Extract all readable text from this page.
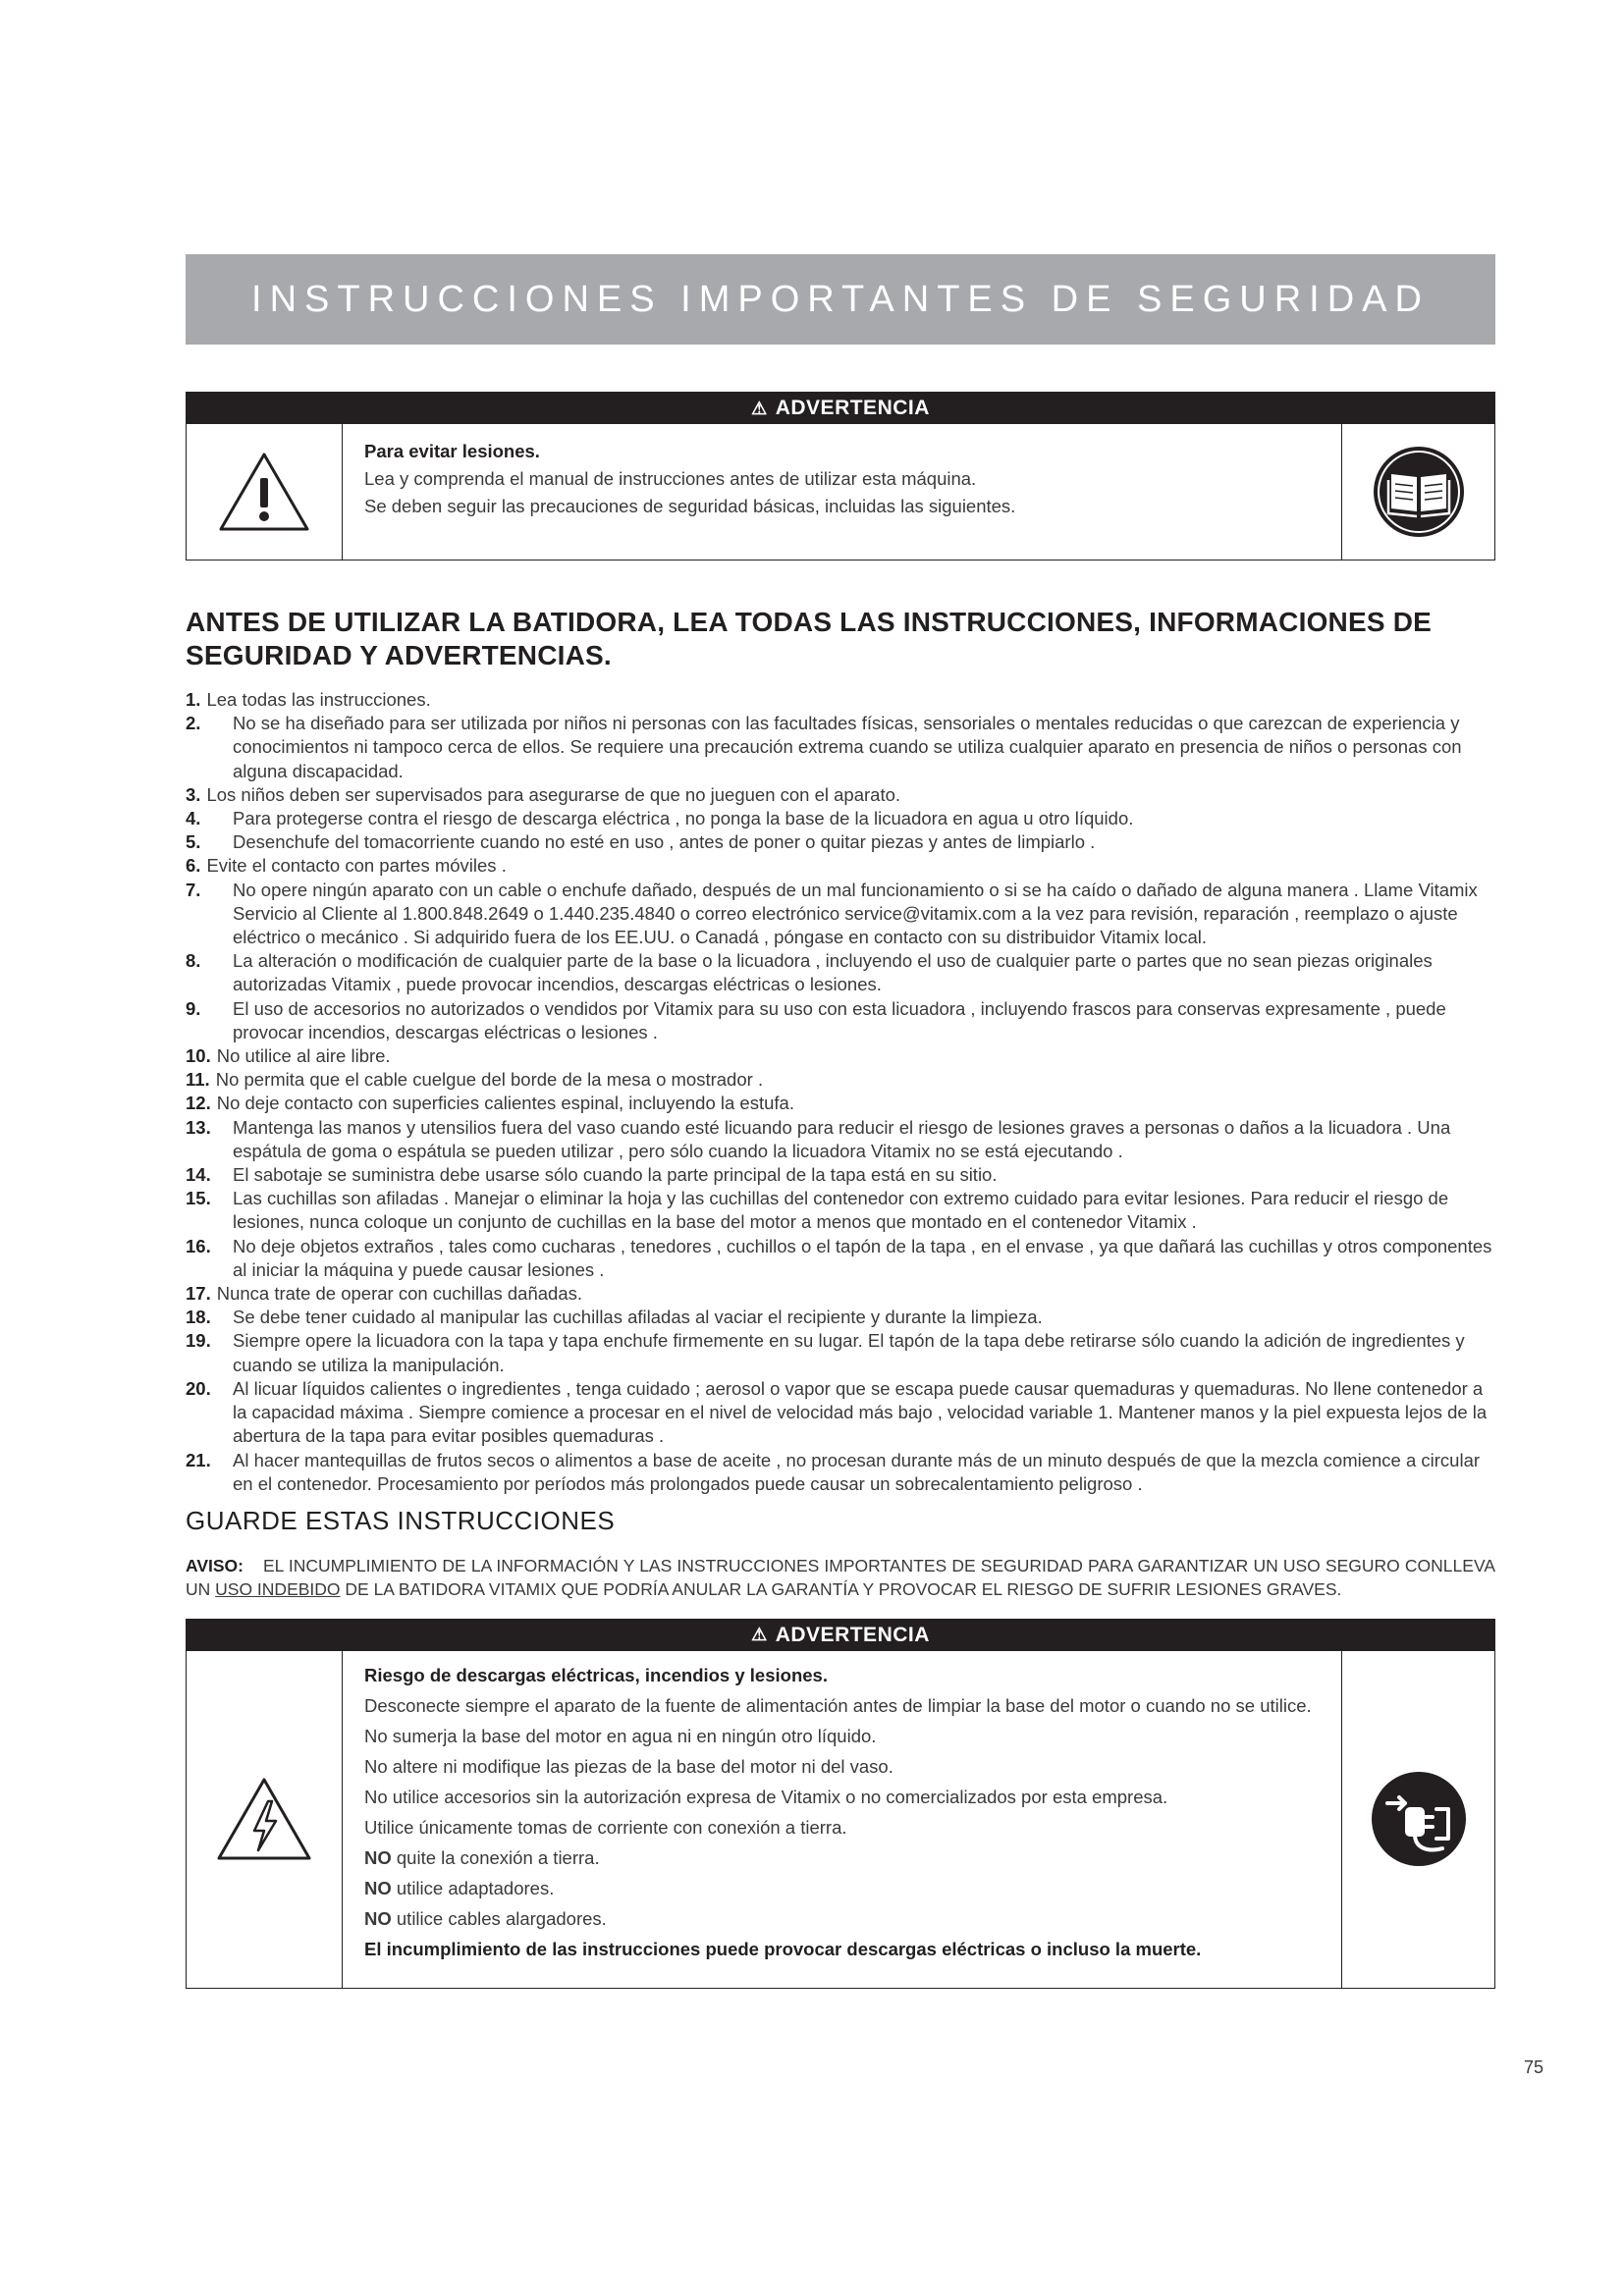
INSTRUCCIONES IMPORTANTES DE SEGURIDAD
⚠ ADVERTENCIA

Para evitar lesiones.

Lea y comprenda el manual de instrucciones antes de utilizar esta máquina.

Se deben seguir las precauciones de seguridad básicas, incluidas las siguientes.

ANTES DE UTILIZAR LA BATIDORA, LEA TODAS LAS INSTRUCCIONES, INFORMACIONES DE SEGURIDAD Y ADVERTENCIAS.
1. Lea todas las instrucciones.
2.	No se ha diseñado para ser utilizada por niños ni personas con las facultades físicas, sensoriales o mentales reducidas o que carezcan de experiencia y conocimientos ni tampoco cerca de ellos. Se requiere una precaución extrema cuando se utiliza cualquier aparato en presencia de niños o personas con alguna discapacidad.
3. Los niños deben ser supervisados para asegurarse de que no jueguen con el aparato.
4.	Para protegerse contra el riesgo de descarga eléctrica , no ponga la base de la licuadora en agua u otro líquido.
5.	Desenchufe del tomacorriente cuando no esté en uso , antes de poner o quitar piezas y antes de limpiarlo .
6. Evite el contacto con partes móviles .
7.	No opere ningún aparato con un cable o enchufe dañado, después de un mal funcionamiento o si se ha caído o dañado de alguna manera . Llame Vitamix Servicio al Cliente al 1.800.848.2649 o 1.440.235.4840 o correo electrónico service@vitamix.com a la vez para revisión, reparación , reemplazo o ajuste eléctrico o mecánico . Si adquirido fuera de los EE.UU. o Canadá , póngase en contacto con su distribuidor Vitamix local.
8.	La alteración o modificación de cualquier parte de la base o la licuadora , incluyendo el uso de cualquier parte o partes que no sean piezas originales autorizadas Vitamix , puede provocar incendios, descargas eléctricas o lesiones.
9.	El uso de accesorios no autorizados o vendidos por Vitamix para su uso con esta licuadora , incluyendo frascos para conservas expresamente , puede provocar incendios, descargas eléctricas o lesiones .
10. No utilice al aire libre.
11. No permita que el cable cuelgue del borde de la mesa o mostrador .
12. No deje contacto con superficies calientes espinal, incluyendo la estufa.
13.	Mantenga las manos y utensilios fuera del vaso cuando esté licuando para reducir el riesgo de lesiones graves a personas o daños a la licuadora . Una espátula de goma o espátula se pueden utilizar , pero sólo cuando la licuadora Vitamix no se está ejecutando .
14.	El sabotaje se suministra debe usarse sólo cuando la parte principal de la tapa está en su sitio.
15.	Las cuchillas son afiladas . Manejar o eliminar la hoja y las cuchillas del contenedor con extremo cuidado para evitar lesiones. Para reducir el riesgo de lesiones, nunca coloque un conjunto de cuchillas en la base del motor a menos que montado en el contenedor Vitamix .
16.	No deje objetos extraños , tales como cucharas , tenedores , cuchillos o el tapón de la tapa , en el envase , ya que dañará las cuchillas y otros componentes al iniciar la máquina y puede causar lesiones .
17. Nunca trate de operar con cuchillas dañadas.
18.	Se debe tener cuidado al manipular las cuchillas afiladas al vaciar el recipiente y durante la limpieza.
19.	Siempre opere la licuadora con la tapa y tapa enchufe firmemente en su lugar. El tapón de la tapa debe retirarse sólo cuando la adición de ingredientes y cuando se utiliza la manipulación.
20.	Al licuar líquidos calientes o ingredientes , tenga cuidado ; aerosol o vapor que se escapa puede causar quemaduras y quemaduras. No llene contenedor a la capacidad máxima . Siempre comience a procesar en el nivel de velocidad más bajo , velocidad variable 1. Mantener manos y la piel expuesta lejos de la abertura de la tapa para evitar posibles quemaduras .
21.	Al hacer mantequillas de frutos secos o alimentos a base de aceite , no procesan durante más de un minuto después de que la mezcla comience a circular en el contenedor. Procesamiento por períodos más prolongados puede causar un sobrecalentamiento peligroso .
GUARDE ESTAS INSTRUCCIONES
AVISO: EL INCUMPLIMIENTO DE LA INFORMACIÓN Y LAS INSTRUCCIONES IMPORTANTES DE SEGURIDAD PARA GARANTIZAR UN USO SEGURO CONLLEVA UN USO INDEBIDO DE LA BATIDORA VITAMIX QUE PODRÍA ANULAR LA GARANTÍA Y PROVOCAR EL RIESGO DE SUFRIR LESIONES GRAVES.
⚠ ADVERTENCIA

Riesgo de descargas eléctricas, incendios y lesiones.

Desconecte siempre el aparato de la fuente de alimentación antes de limpiar la base del motor o cuando no se utilice.

No sumerja la base del motor en agua ni en ningún otro líquido.

No altere ni modifique las piezas de la base del motor ni del vaso.

No utilice accesorios sin la autorización expresa de Vitamix o no comercializados por esta empresa.

Utilice únicamente tomas de corriente con conexión a tierra.

NO quite la conexión a tierra.

NO utilice adaptadores.

NO utilice cables alargadores.

El incumplimiento de las instrucciones puede provocar descargas eléctricas o incluso la muerte.

75
